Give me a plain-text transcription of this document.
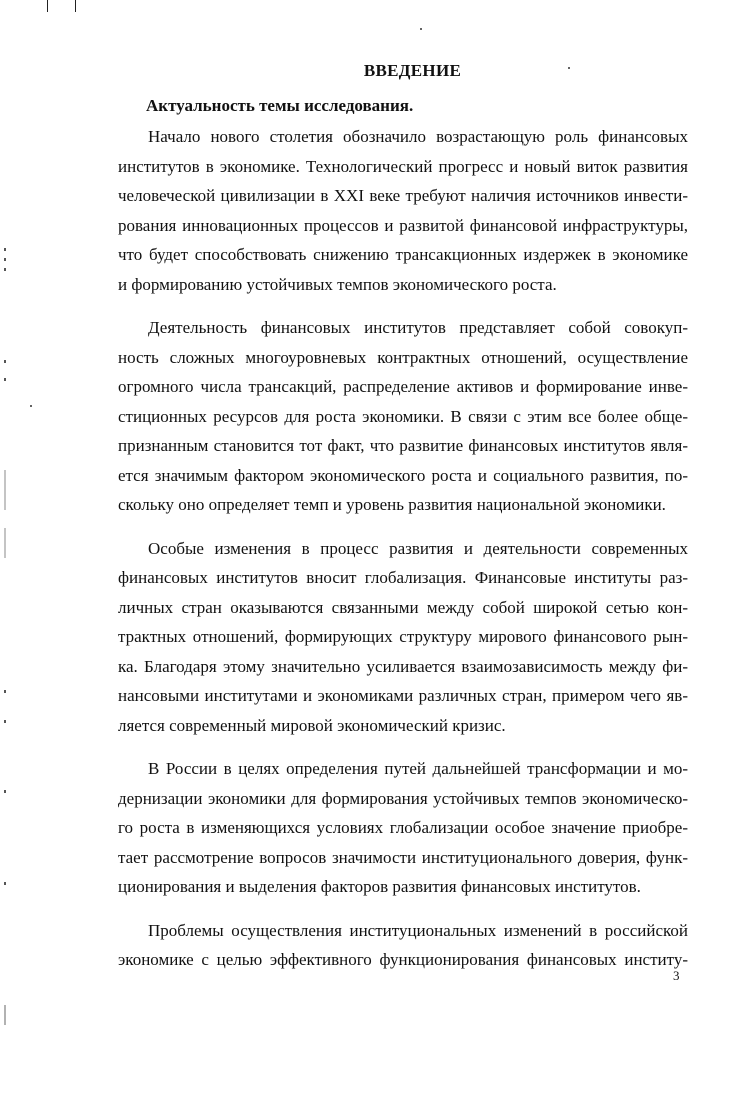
ВВЕДЕНИЕ
Актуальность темы исследования.

Начало нового столетия обозначило возрастающую роль финансовых
институтов в экономике. Технологический прогресс и новый виток развития
человеческой цивилизации в XXI веке требуют наличия источников инвести-
рования инновационных процессов и развитой финансовой инфраструктуры,
что будет способствовать снижению трансакционных издержек в экономике
и формированию устойчивых темпов экономического роста.

Деятельность финансовых институтов представляет собой совокуп-
ность сложных многоуровневых контрактных отношений, осуществление
огромного числа трансакций, распределение активов и формирование инве-
стиционных ресурсов для роста экономики. В связи с этим все более обще-
признанным становится тот факт, что развитие финансовых институтов явля-
ется значимым фактором экономического роста и социального развития, по-
скольку оно определяет темп и уровень развития национальной экономики.

Особые изменения в процесс развития и деятельности современных
финансовых институтов вносит глобализация. Финансовые институты раз-
личных стран оказываются связанными между собой широкой сетью кон-
трактных отношений, формирующих структуру мирового финансового рын-
ка. Благодаря этому значительно усиливается взаимозависимость между фи-
нансовыми институтами и экономиками различных стран, примером чего яв-
ляется современный мировой экономический кризис.

В России в целях определения путей дальнейшей трансформации и мо-
дернизации экономики для формирования устойчивых темпов экономическо-
го роста в изменяющихся условиях глобализации особое значение приобре-
тает рассмотрение вопросов значимости институционального доверия, функ-
ционирования и выделения факторов развития финансовых институтов.

Проблемы осуществления институциональных изменений в российской
экономике с целью эффективного функционирования финансовых институ-

3
